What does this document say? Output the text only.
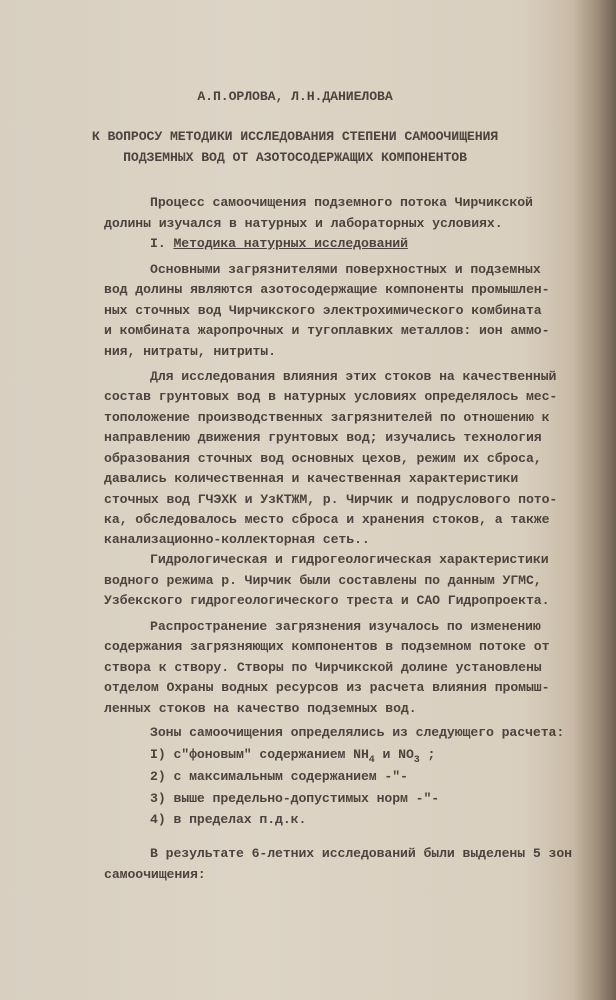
А.П.ОРЛОВА, Л.Н.ДАНИЕЛОВА
К ВОПРОСУ МЕТОДИКИ ИССЛЕДОВАНИЯ СТЕПЕНИ САМООЧИЩЕНИЯ
ПОДЗЕМНЫХ ВОД ОТ АЗОТОСОДЕРЖАЩИХ КОМПОНЕНТОВ
Процесс самоочищения подземного потока Чирчикской
долины изучался в натурных и лабораторных условиях.
Основными загрязнителями поверхностных и подземных
вод долины являются азотосодержащие компоненты промышлен-
ных сточных вод Чирчикского электрохимического комбината
и комбината жаропрочных и тугоплавких металлов: ион аммо-
ния, нитраты, нитриты.
Для исследования влияния этих стоков на качественный
состав грунтовых вод в натурных условиях определялось мес-
тоположение производственных загрязнителей по отношению к
направлению движения грунтовых вод; изучались технология
образования сточных вод основных цехов, режим их сброса,
давались количественная и качественная характеристики
сточных вод ГЧЭХК и УзКТЖМ, р. Чирчик и подруслового пото-
ка, обследовалось место сброса и хранения стоков, а также
канализационно-коллекторная сеть..
Гидрологическая и гидрогеологическая характеристики
водного режима р. Чирчик были составлены по данным УГМС,
Узбекского гидрогеологического треста и САО Гидропроекта.
Распространение загрязнения изучалось по изменению
содержания загрязняющих компонентов в подземном потоке от
створа к створу. Створы по Чирчикской долине установлены
отделом Охраны водных ресурсов из расчета влияния промыш-
ленных стоков на качество подземных вод.
Зоны самоочищения определялись из следующего расчета:
2) с максимальным содержанием -"-
3) выше предельно-допустимых норм -"-
4) в пределах п.д.к.
В результате 6-летних исследований были выделены 5 зон
самоочищения:
I. Методика натурных исследований
I) с"фоновым" содержанием $NH_4$ и $NO_3$ ;
